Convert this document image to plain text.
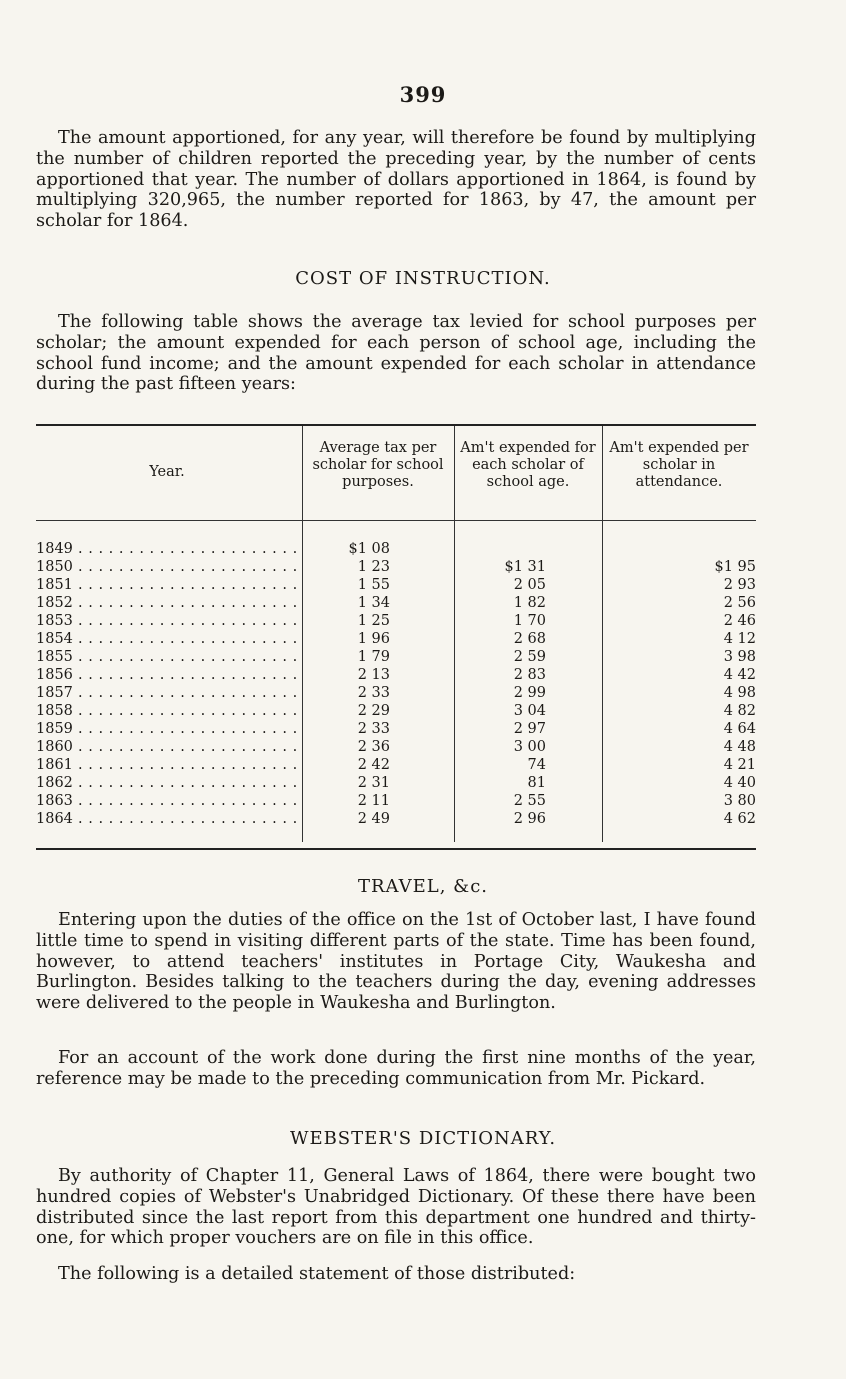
399

The amount apportioned, for any year, will therefore be found by multiplying the number of children reported the preceding year, by the number of cents apportioned that year. The number of dollars apportioned in 1864, is found by multiplying 320,965, the number reported for 1863, by 47, the amount per scholar for 1864.

COST OF INSTRUCTION.

The following table shows the average tax levied for school purposes per scholar; the amount expended for each person of school age, including the school fund income; and the amount expended for each scholar in attendance during the past fifteen years:

Year.
Average tax per scholar for school purposes.
Am't expended for each scholar of school age.
Am't expended per scholar in attendance.
1849 . . .	$1 08
1850 . . .	1 23	$1 31	$1 95
1851 . . .	1 55	2 05	2 93
1852 . . .	1 34	1 82	2 56
1853 . . .	1 25	1 70	2 46
1854 . . .	1 96	2 68	4 12
1855 . . .	1 79	2 59	3 98
1856 . . .	2 13	2 83	4 42
1857 . . .	2 33	2 99	4 98
1858 . . .	2 29	3 04	4 82
1859 . . .	2 33	2 97	4 64
1860 . . .	2 36	3 00	4 48
1861 . . .	2 42	74	4 21
1862 . . .	2 31	81	4 40
1863 . . .	2 11	2 55	3 80
1864 . . .	2 49	2 96	4 62
TRAVEL, &c.

Entering upon the duties of the office on the 1st of October last, I have found little time to spend in visiting different parts of the state. Time has been found, however, to attend teachers' institutes in Portage City, Waukesha and Burlington. Besides talking to the teachers during the day, evening addresses were delivered to the people in Waukesha and Burlington.

For an account of the work done during the first nine months of the year, reference may be made to the preceding communication from Mr. Pickard.

WEBSTER'S DICTIONARY.

By authority of Chapter 11, General Laws of 1864, there were bought two hundred copies of Webster's Unabridged Dictionary. Of these there have been distributed since the last report from this department one hundred and thirty-one, for which proper vouchers are on file in this office.

The following is a detailed statement of those distributed:
